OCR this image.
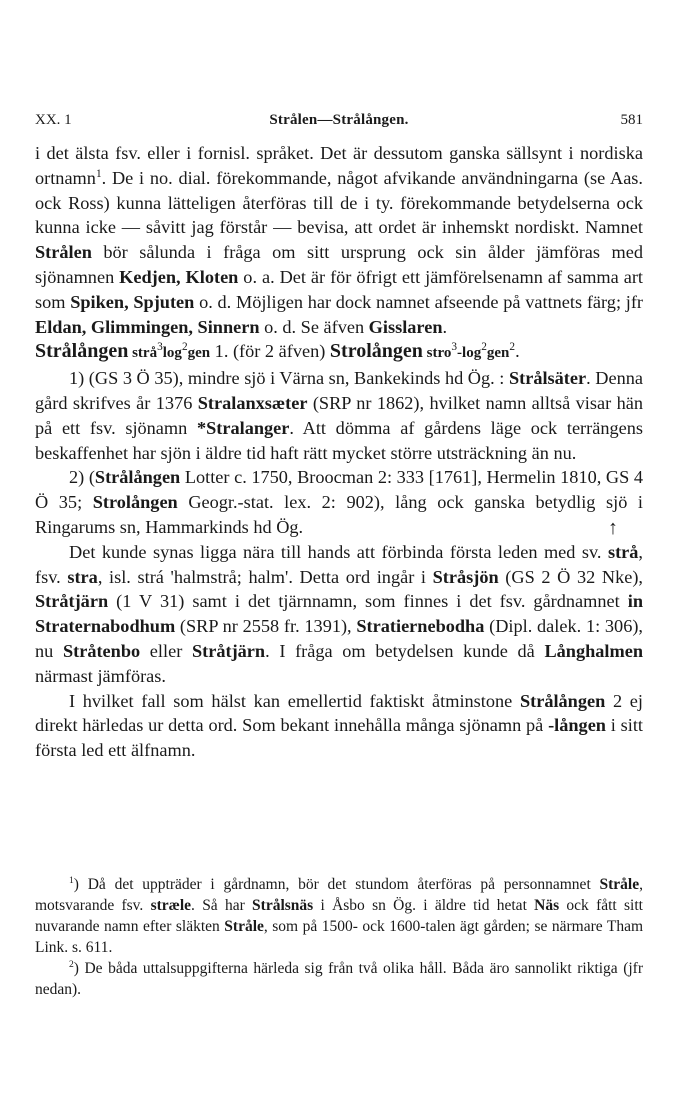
XX. 1	Strålen—Strålången.	581

i det älsta fsv. eller i fornisl. språket. Det är dessutom ganska sällsynt i nordiska ortnamn$^1$. De i no. dial. förekommande, något afvikande användningarna (se Aas. ock Ross) kunna lätteligen återföras till de i ty. förekommande betydelserna ock kunna icke — såvitt jag förstår — bevisa, att ordet är inhemskt nordiskt. Namnet Strålen bör sålunda i fråga om sitt ursprung ock sin ålder jämföras med sjönamnen Kedjen, Kloten o. a. Det är för öfrigt ett jämförelsenamn af samma art som Spiken, Spjuten o. d. Möjligen har dock namnet afseende på vattnets färg; jfr Eldan, Glimmingen, Sinnern o. d. Se äfven Gisslaren.

Strålången $strå^3\log^2gen$ 1. (för 2 äfven) Strolången $stro^3-\log^2gen^2$.

1) (GS 3 Ö 35), mindre sjö i Värna sn, Bankekinds hd Ög. : Strålsäter. Denna gård skrifves år 1376 Stralanxsæter (SRP nr 1862), hvilket namn alltså visar hän på ett fsv. sjönamn *Stralanger. Att dömma af gårdens läge ock terrängens beskaffenhet har sjön i äldre tid haft rätt mycket större utsträckning än nu.

2) (Strålången Lotter c. 1750, Broocman 2: 333 [1761], Hermelin 1810, GS 4 Ö 35; Strolången Geogr.-stat. lex. 2: 902), lång ock ganska betydlig sjö i Ringarums sn, Hammarkinds hd Ög.

Det kunde synas ligga nära till hands att förbinda första leden med sv. strå, fsv. stra, isl. strá 'halmstrå; halm'. Detta ord ingår i Stråsjön (GS 2 Ö 32 Nke), Stråtjärn (1 V 31) samt i det tjärnnamn, som finnes i det fsv. gårdnamnet in Straternabodhum (SRP nr 2558 fr. 1391), Stratiernebodha (Dipl. dalek. 1: 306), nu Stråtenbo eller Stråtjärn. I fråga om betydelsen kunde då Långhalmen närmast jämföras.

I hvilket fall som hälst kan emellertid faktiskt åtminstone Strålången 2 ej direkt härledas ur detta ord. Som bekant innehålla många sjönamn på -lången i sitt första led ett älfnamn.

↑

$^1$) Då det uppträder i gårdnamn, bör det stundom återföras på personnamnet Stråle, motsvarande fsv. stræle. Så har Strålsnäs i Åsbo sn Ög. i äldre tid hetat Näs ock fått sitt nuvarande namn efter släkten Stråle, som på 1500- ock 1600-talen ägt gården; se närmare Tham Link. s. 611.

$^2$) De båda uttalsuppgifterna härleda sig från två olika håll. Båda äro sannolikt riktiga (jfr nedan).
